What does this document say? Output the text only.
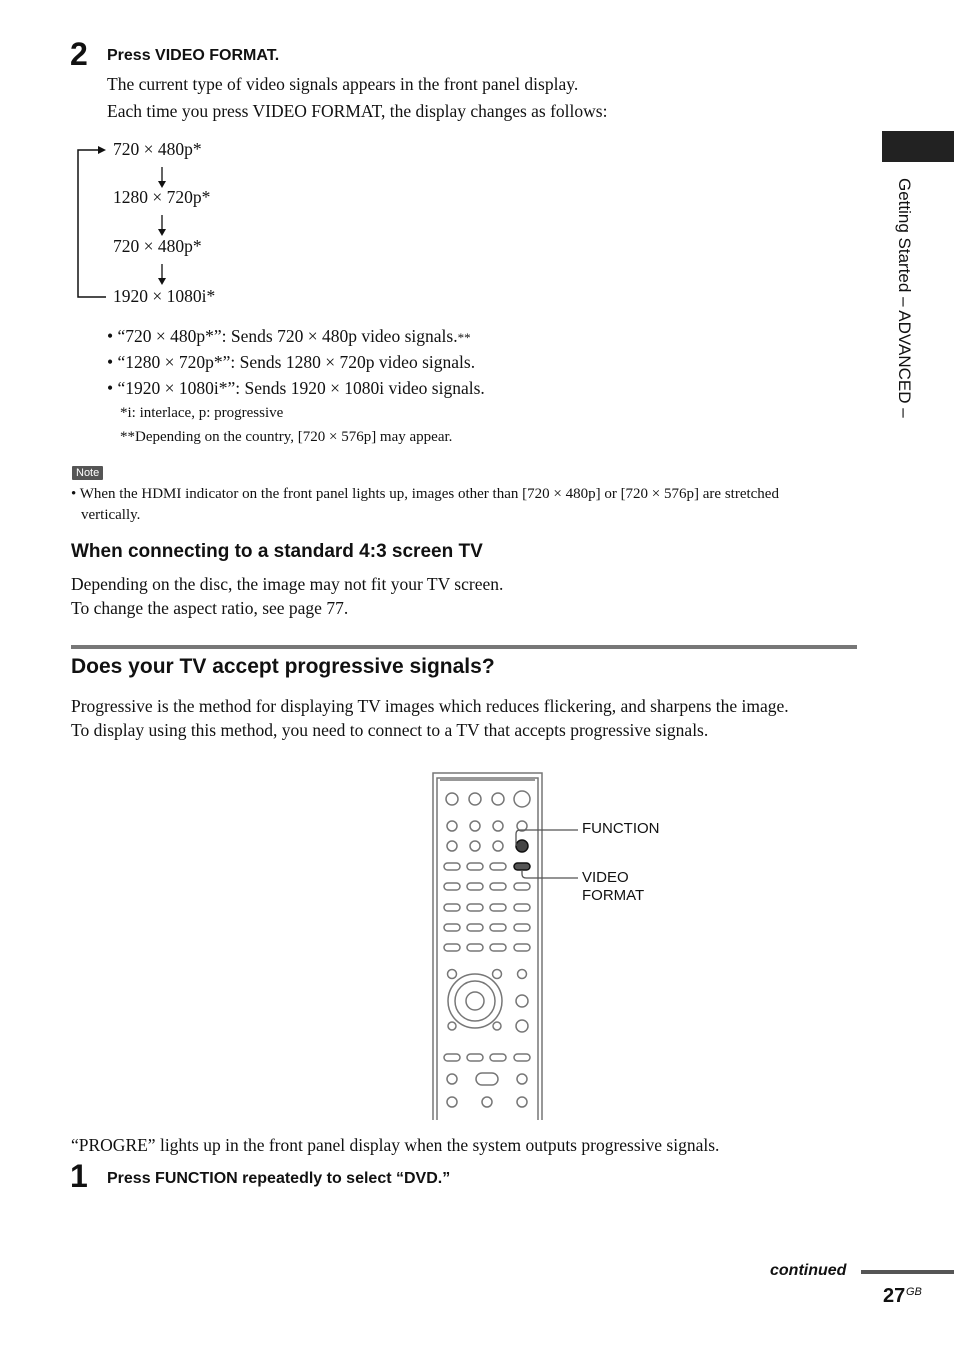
Getting Started – ADVANCED –
2 Press VIDEO FORMAT.
The current type of video signals appears in the front panel display.
Each time you press VIDEO FORMAT, the display changes as follows:
720 × 480p*
1280 × 720p*
720 × 480p*
1920 × 1080i*
• “720 × 480p*”: Sends 720 × 480p video signals.**
• “1280 × 720p*”: Sends 1280 × 720p video signals.
• “1920 × 1080i*”: Sends 1920 × 1080i video signals.
*i: interlace, p: progressive
**Depending on the country, [720 × 576p] may appear.
Note
• When the HDMI indicator on the front panel lights up, images other than [720 × 480p] or [720 × 576p] are stretched
vertically.
When connecting to a standard 4:3 screen TV
Depending on the disc, the image may not fit your TV screen.
To change the aspect ratio, see page 77.
Does your TV accept progressive signals?
Progressive is the method for displaying TV images which reduces flickering, and sharpens the image.
To display using this method, you need to connect to a TV that accepts progressive signals.
FUNCTION
VIDEO
FORMAT
“PROGRE” lights up in the front panel display when the system outputs progressive signals.
1 Press FUNCTION repeatedly to select “DVD.”
continued
27 GB
